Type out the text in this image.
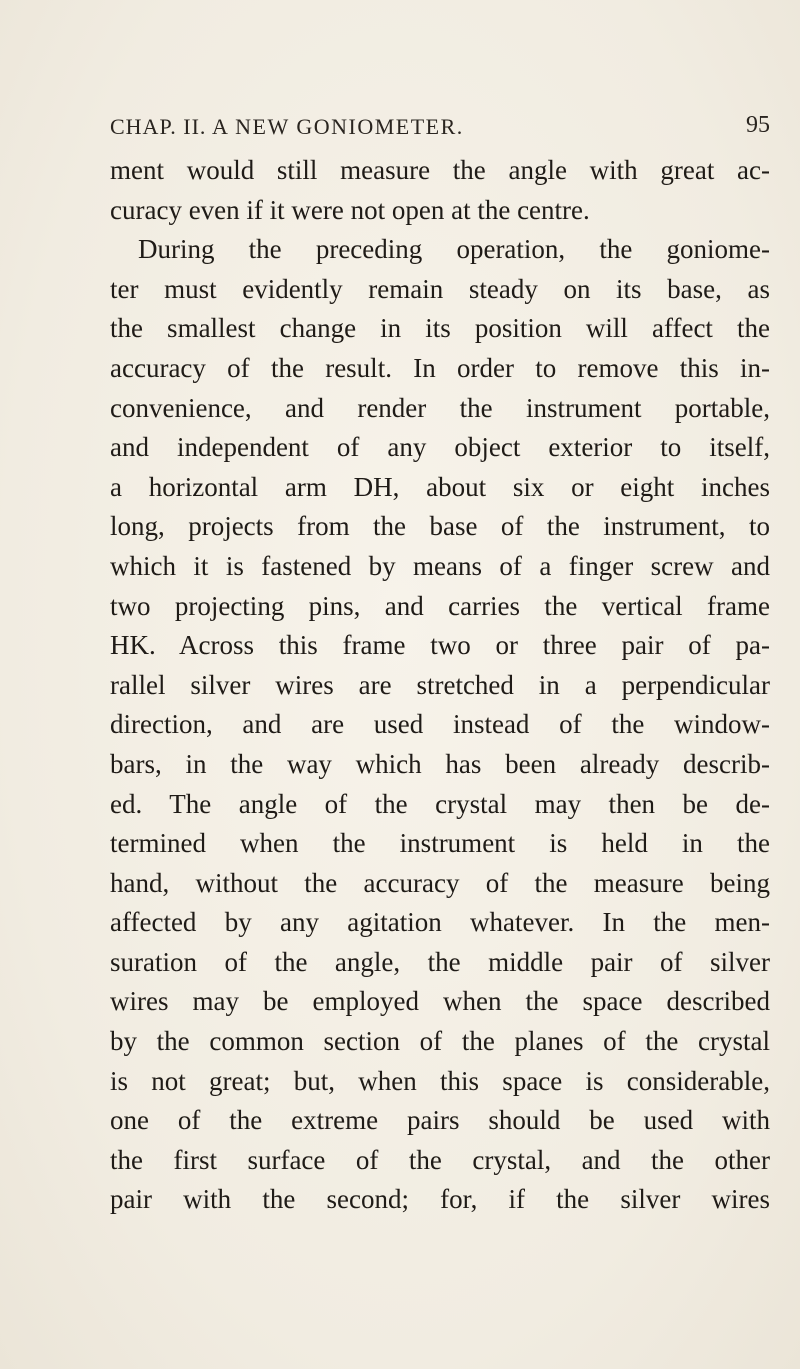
CHAP. II. A NEW GONIOMETER.	95
ment would still measure the angle with great ac-
curacy even if it were not open at the centre.
During the preceding operation, the goniome-
ter must evidently remain steady on its base, as
the smallest change in its position will affect the
accuracy of the result. In order to remove this in-
convenience, and render the instrument portable,
and independent of any object exterior to itself,
a horizontal arm DH, about six or eight inches
long, projects from the base of the instrument, to
which it is fastened by means of a finger screw and
two projecting pins, and carries the vertical frame
HK. Across this frame two or three pair of pa-
rallel silver wires are stretched in a perpendicular
direction, and are used instead of the window-
bars, in the way which has been already describ-
ed. The angle of the crystal may then be de-
termined when the instrument is held in the
hand, without the accuracy of the measure being
affected by any agitation whatever. In the men-
suration of the angle, the middle pair of silver
wires may be employed when the space described
by the common section of the planes of the crystal
is not great; but, when this space is considerable,
one of the extreme pairs should be used with
the first surface of the crystal, and the other
pair with the second; for, if the silver wires
